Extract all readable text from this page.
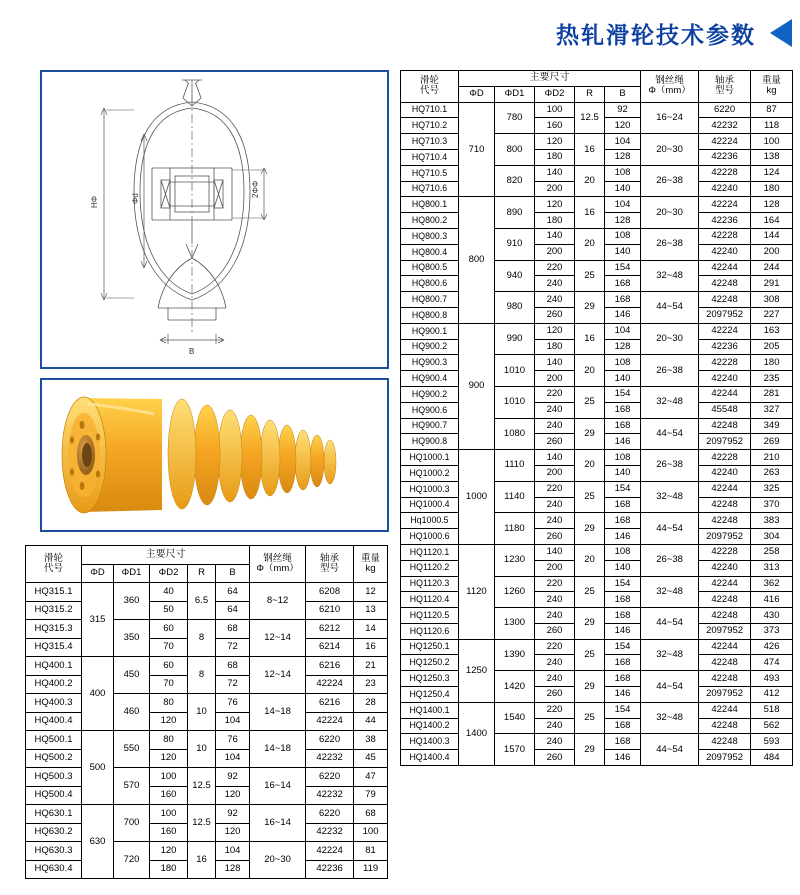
热轧滑轮技术参数
HΦ	Φd
2ΦΦ
B
滑轮
代号	主要尺寸					钢丝绳
Φ（mm）	轴承
型号	重量
kg
	ΦD	ΦD1	ΦD2	R	B			
HQ710.1	710	780	100	12.5	92	16~24	6220	87
HQ710.2			160		120		42232	118
HQ710.3		800	120	16	104	20~30	42224	100
HQ710.4			180		128		42236	138
HQ710.5		820	140	20	108	26~38	42228	124
HQ710.6			200		140		42240	180
HQ800.1	800	890	120	16	104	20~30	42224	128
HQ800.2			180		128		42236	164
HQ800.3		910	140	20	108	26~38	42228	144
HQ800.4			200		140		42240	200
HQ800.5		940	220	25	154	32~48	42244	244
HQ800.6			240		168		42248	291
HQ800.7		980	240	29	168	44~54	42248	308
HQ800.8			260		146		2097952	227
HQ900.1	900	990	120	16	104	20~30	42224	163
HQ900.2			180		128		42236	205
HQ900.3		1010	140	20	108	26~38	42228	180
HQ900.4			200		140		42240	235
HQ900.2		1010	220	25	154	32~48	42244	281
HQ900.6			240		168		45548	327
HQ900.7		1080	240	29	168	44~54	42248	349
HQ900.8			260		146		2097952	269
HQ1000.1	1000	1110	140	20	108	26~38	42228	210
HQ1000.2			200		140		42240	263
HQ1000.3		1140	220	25	154	32~48	42244	325
HQ1000.4			240		168		42248	370
Hq1000.5		1180	240	29	168	44~54	42248	383
HQ1000.6			260		146		2097952	304
HQ1120.1	1120	1230	140	20	108	26~38	42228	258
HQ1120.2			200		140		42240	313
HQ1120.3		1260	220	25	154	32~48	42244	362
HQ1120.4			240		168		42248	416
HQ1120.5		1300	240	29	168	44~54	42248	430
HQ1120.6			260		146		2097952	373
HQ1250.1	1250	1390	220	25	154	32~48	42244	426
HQ1250.2			240		168		42248	474
HQ1250.3		1420	240	29	168	44~54	42248	493
HQ1250.4			260		146		2097952	412
HQ1400.1	1400	1540	220	25	154	32~48	42244	518
HQ1400.2			240		168		42248	562
HQ1400.3		1570	240	29	168	44~54	42248	593
HQ1400.4			260		146		2097952	484
滑轮
代号	主要尺寸					钢丝绳
Φ（mm）	轴承
型号	重量
kg
	ΦD	ΦD1	ΦD2	R	B			
HQ315.1	315	360	40	6.5	64	8~12	6208	12
HQ315.2			50		64		6210	13
HQ315.3		350	60	8	68	12~14	6212	14
HQ315.4			70		72		6214	16
HQ400.1	400	450	60	8	68	12~14	6216	21
HQ400.2			70		72		42224	23
HQ400.3		460	80	10	76	14~18	6216	28
HQ400.4			120		104		42224	44
HQ500.1	500	550	80	10	76	14~18	6220	38
HQ500.2			120		104		42232	45
HQ500.3		570	100	12.5	92	16~14	6220	47
HQ500.4			160		120		42232	79
HQ630.1	630	700	100	12.5	92	16~14	6220	68
HQ630.2			160		120		42232	100
HQ630.3		720	120	16	104	20~30	42224	81
HQ630.4			180		128		42236	119
